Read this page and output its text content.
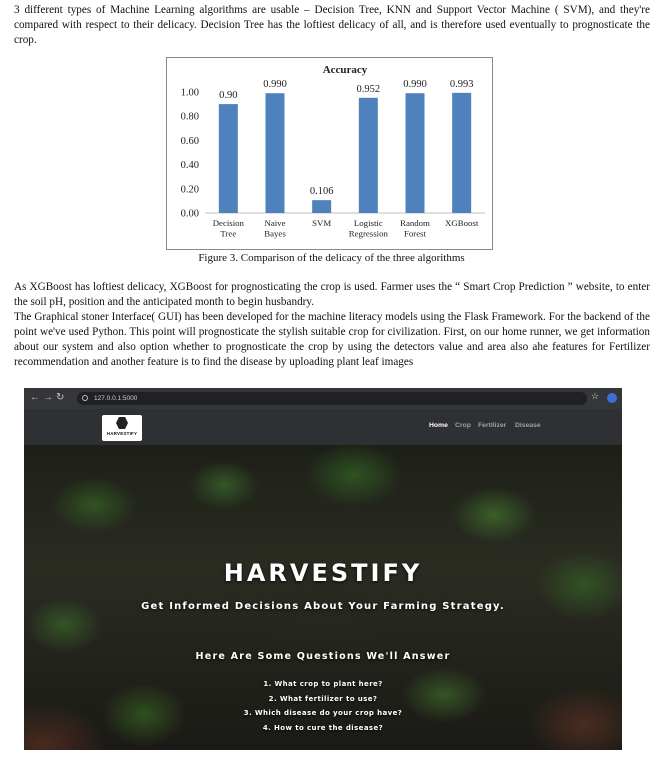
3 different types of Machine Learning algorithms are usable – Decision Tree, KNN and Support Vector Machine ( SVM), and they're compared with respect to their delicacy. Decision Tree has the loftiest delicacy of all, and is therefore used eventually to prognosticate the crop.

Accuracy
0.00
0.20
0.40
0.60
0.80
1.00 0.90
Decision
Tree
0.990
Naive
Bayes
0.106
SVM
0.952
Logistic
Regression
0.990
Random
Forest
0.993
XGBoost
Figure 3. Comparison of the delicacy of the three algorithms
As XGBoost has loftiest delicacy, XGBoost for prognosticating the crop is used. Farmer uses the “ Smart Crop Prediction ” website, to enter the soil pH, position and the anticipated month to begin husbandry.
The Graphical stoner Interface( GUI) has been developed for the machine literacy models using the Flask Framework. For the backend of the point we've used Python. This point will prognosticate the stylish suitable crop for civilization. First, on our home runner, we get information about our system and also option whether to prognosticate the crop by using the detectors value and area also ahe features for Fertilizer recommendation and another feature is to find the disease by uploading plant leaf images
← → ↻	127.0.0.1:5000	☆
HARVESTIFY
Home Crop Fertilizer Disease
HARVESTIFY
Get Informed Decisions About Your Farming Strategy.
Here Are Some Questions We'll Answer
1. What crop to plant here?
2. What fertilizer to use?
3. Which disease do your crop have?
4. How to cure the disease?
